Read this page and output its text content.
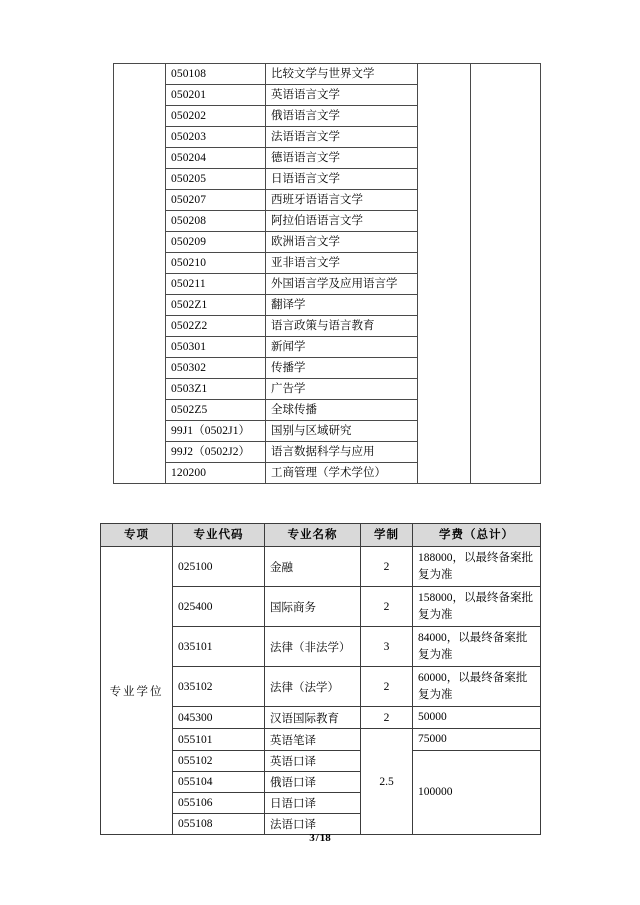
	050108	比较文学与世界文学		
	050201	英语语言文学		
	050202	俄语语言文学		
	050203	法语语言文学		
	050204	德语语言文学		
	050205	日语语言文学		
	050207	西班牙语语言文学		
	050208	阿拉伯语语言文学		
	050209	欧洲语言文学		
	050210	亚非语言文学		
	050211	外国语言学及应用语言学		
	0502Z1	翻译学		
	0502Z2	语言政策与语言教育		
	050301	新闻学		
	050302	传播学		
	0503Z1	广告学		
	0502Z5	全球传播		
	99J1（0502J1）	国别与区域研究		
	99J2（0502J2）	语言数据科学与应用		
	120200	工商管理（学术学位）		
专项	专业代码	专业名称	学制	学费（总计）
专业学位	025100	金融	2	188000，以最终备案批复为准
	025400	国际商务	2	158000，以最终备案批复为准
	035101	法律（非法学）	3	84000，以最终备案批复为准
	035102	法律（法学）	2	60000，以最终备案批复为准
	045300	汉语国际教育	2	50000
	055101	英语笔译	2.5	75000
	055102	英语口译		100000
	055104	俄语口译		
	055106	日语口译		
	055108	法语口译		
3/18
